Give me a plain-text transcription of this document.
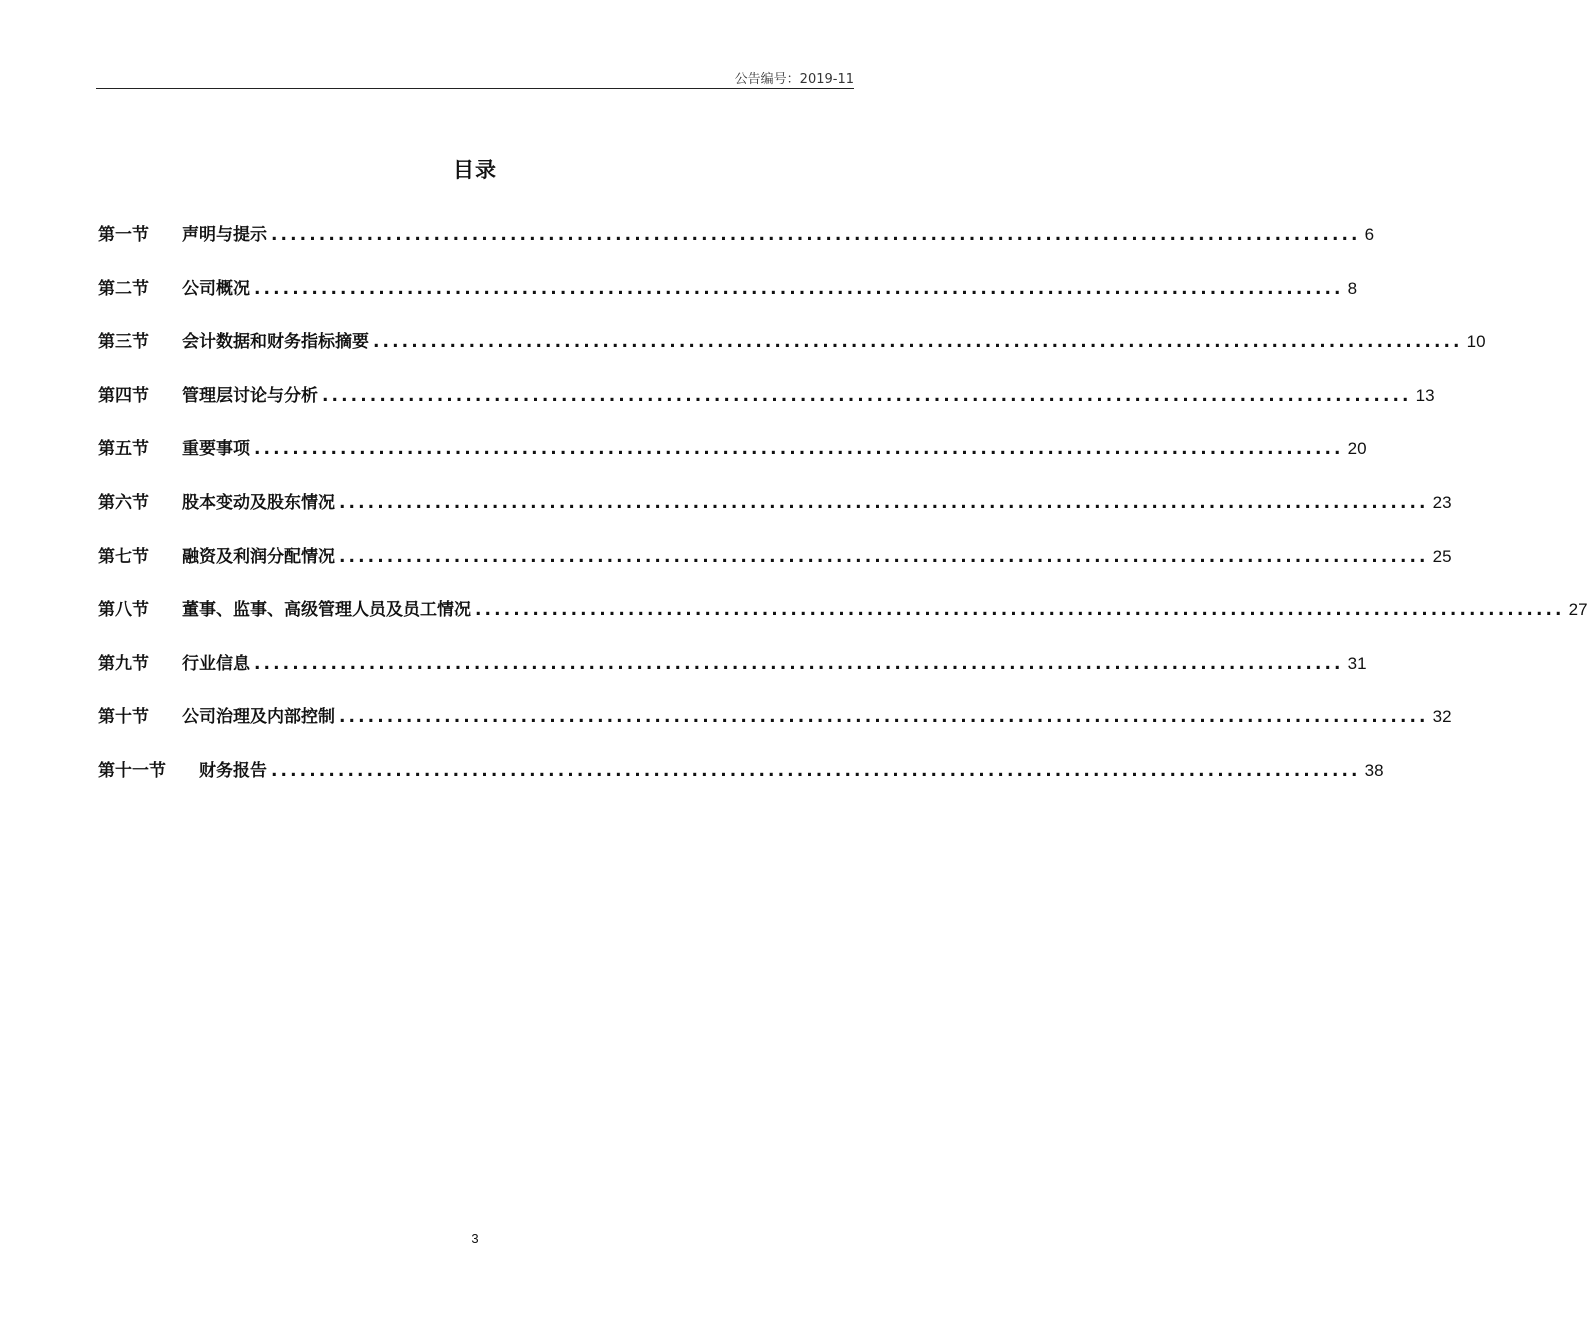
公告编号：2019-11
目录
第一节	声明与提示 .................................................................................................................. 6
第二节	公司概况 .................................................................................................................. 8
第三节	会计数据和财务指标摘要 .................................................................................................................. 10
第四节	管理层讨论与分析 .................................................................................................................. 13
第五节	重要事项 .................................................................................................................. 20
第六节	股本变动及股东情况 .................................................................................................................. 23
第七节	融资及利润分配情况 .................................................................................................................. 25
第八节	董事、监事、高级管理人员及员工情况 .................................................................................................................. 27
第九节	行业信息 .................................................................................................................. 31
第十节	公司治理及内部控制 .................................................................................................................. 32
第十一节	财务报告 .................................................................................................................. 38
3
